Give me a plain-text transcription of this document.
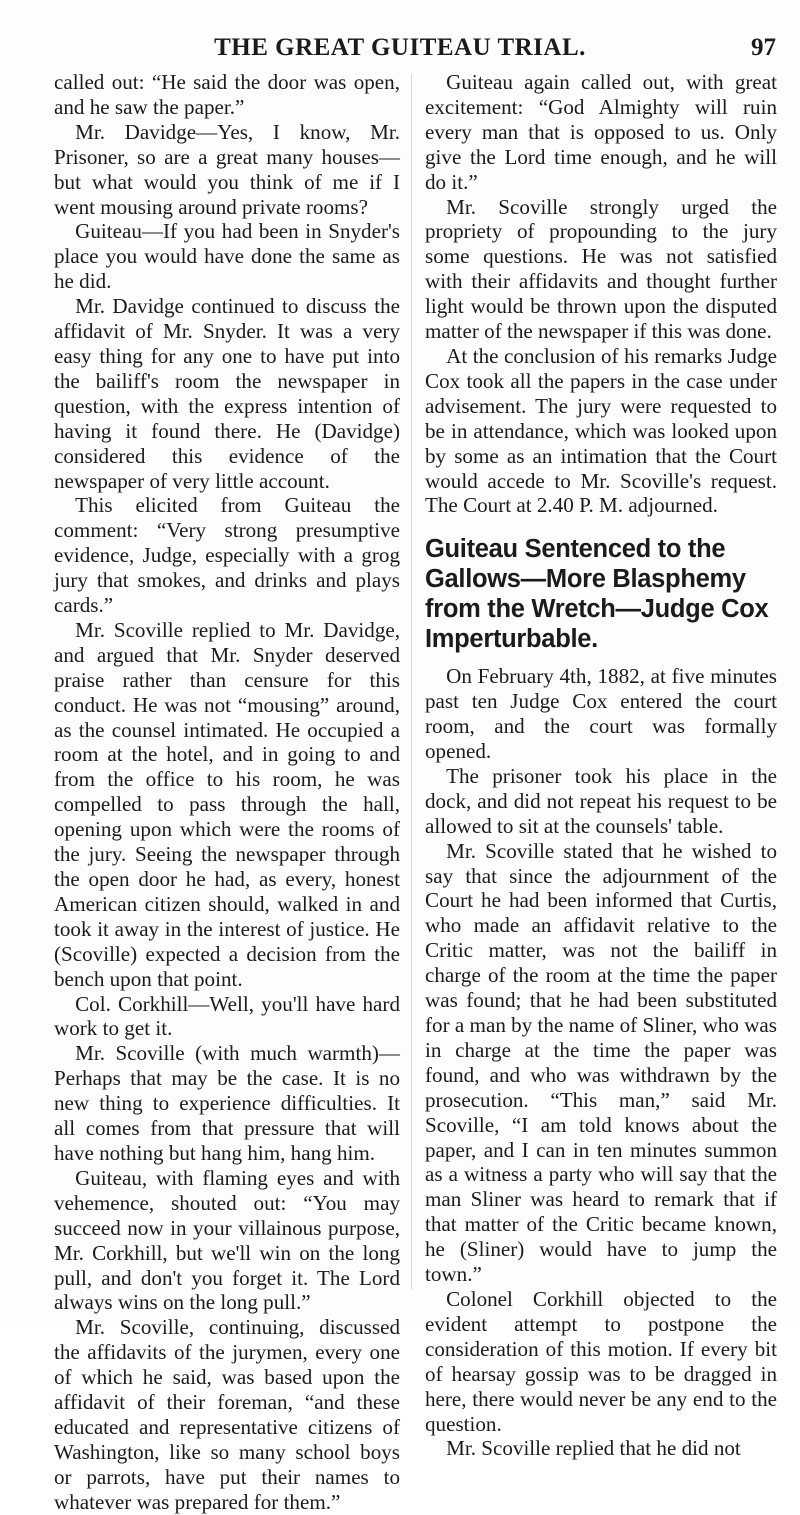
THE GREAT GUITEAU TRIAL.	97

called out: “He said the door was open, and he saw the paper.”

Mr. Davidge—Yes, I know, Mr. Prisoner, so are a great many houses—but what would you think of me if I went mousing around private rooms?

Guiteau—If you had been in Snyder's place you would have done the same as he did.

Mr. Davidge continued to discuss the affidavit of Mr. Snyder. It was a very easy thing for any one to have put into the bailiff's room the newspaper in question, with the express intention of having it found there. He (Davidge) considered this evidence of the newspaper of very little account.

This elicited from Guiteau the comment: “Very strong presumptive evidence, Judge, especially with a grog jury that smokes, and drinks and plays cards.”

Mr. Scoville replied to Mr. Davidge, and argued that Mr. Snyder deserved praise rather than censure for this conduct. He was not “mousing” around, as the counsel intimated. He occupied a room at the hotel, and in going to and from the office to his room, he was compelled to pass through the hall, opening upon which were the rooms of the jury. Seeing the newspaper through the open door he had, as every, honest American citizen should, walked in and took it away in the interest of justice. He (Scoville) expected a decision from the bench upon that point.

Col. Corkhill—Well, you'll have hard work to get it.

Mr. Scoville (with much warmth)—Perhaps that may be the case. It is no new thing to experience difficulties. It all comes from that pressure that will have nothing but hang him, hang him.

Guiteau, with flaming eyes and with vehemence, shouted out: “You may succeed now in your villainous purpose, Mr. Corkhill, but we'll win on the long pull, and don't you forget it. The Lord always wins on the long pull.”

Mr. Scoville, continuing, discussed the affidavits of the jurymen, every one of which he said, was based upon the affidavit of their foreman, “and these educated and representative citizens of Washington, like so many school boys or parrots, have put their names to whatever was prepared for them.”

Guiteau again called out, with great excitement: “God Almighty will ruin every man that is opposed to us. Only give the Lord time enough, and he will do it.”

Mr. Scoville strongly urged the propriety of propounding to the jury some questions. He was not satisfied with their affidavits and thought further light would be thrown upon the disputed matter of the newspaper if this was done.

At the conclusion of his remarks Judge Cox took all the papers in the case under advisement. The jury were requested to be in attendance, which was looked upon by some as an intimation that the Court would accede to Mr. Scoville's request. The Court at 2.40 P. M. adjourned.

Guiteau Sentenced to the Gallows—More Blasphemy from the Wretch—Judge Cox Imperturbable.

On February 4th, 1882, at five minutes past ten Judge Cox entered the court room, and the court was formally opened.

The prisoner took his place in the dock, and did not repeat his request to be allowed to sit at the counsels' table.

Mr. Scoville stated that he wished to say that since the adjournment of the Court he had been informed that Curtis, who made an affidavit relative to the Critic matter, was not the bailiff in charge of the room at the time the paper was found; that he had been substituted for a man by the name of Sliner, who was in charge at the time the paper was found, and who was withdrawn by the prosecution. “This man,” said Mr. Scoville, “I am told knows about the paper, and I can in ten minutes summon as a witness a party who will say that the man Sliner was heard to remark that if that matter of the Critic became known, he (Sliner) would have to jump the town.”

Colonel Corkhill objected to the evident attempt to postpone the consideration of this motion. If every bit of hearsay gossip was to be dragged in here, there would never be any end to the question.

Mr. Scoville replied that he did not
